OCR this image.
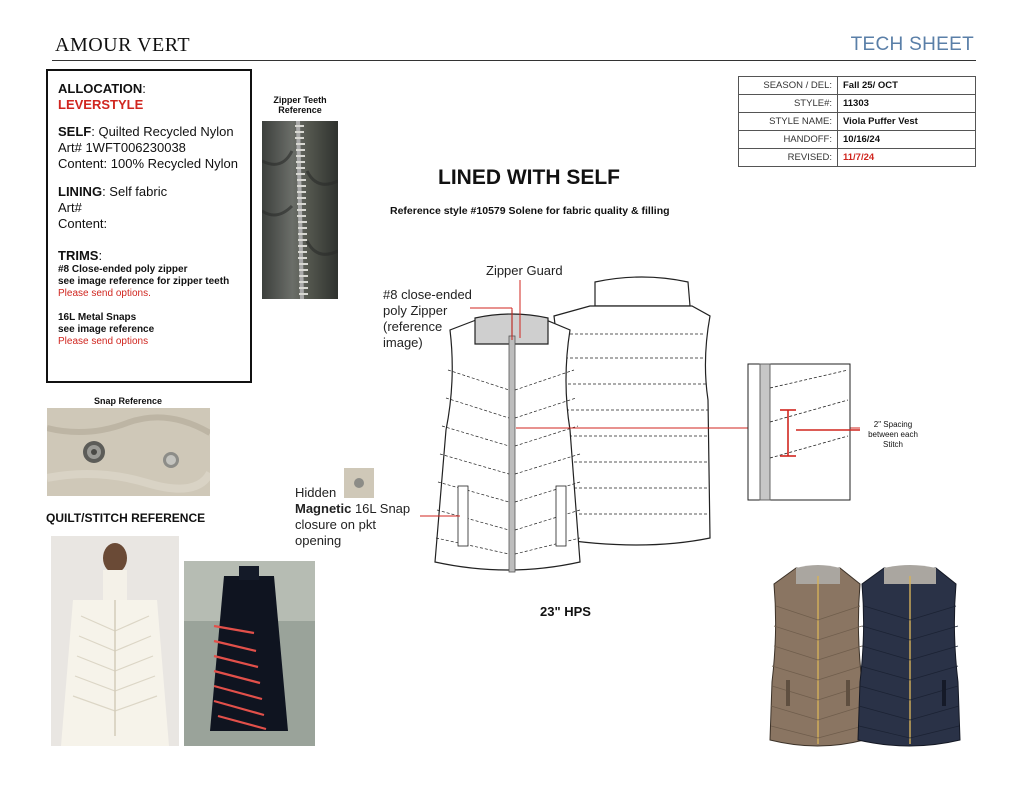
AMOUR VERT	TECH SHEET
ALLOCATION:
LEVERSTYLE
SELF: Quilted Recycled Nylon
Art# 1WFT006230038
Content: 100% Recycled Nylon
LINING: Self fabric
Art#
Content:
TRIMS:
#8 Close-ended poly zipper
see image reference for zipper teeth
Please send options.
16L Metal Snaps
see image reference
Please send options
Zipper Teeth
Reference
Snap Reference
QUILT/STITCH REFERENCE
SEASON / DEL:	Fall 25/ OCT
STYLE#:	11303
STYLE NAME:	Viola Puffer Vest
HANDOFF:	10/16/24
REVISED:	11/7/24
LINED WITH SELF
Reference style #10579 Solene for fabric quality & filling
Zipper Guard
#8 close-ended
poly Zipper
(reference
image)
Hidden
Magnetic 16L Snap
closure on pkt
opening
2" Spacing
between each
Stitch
23" HPS
